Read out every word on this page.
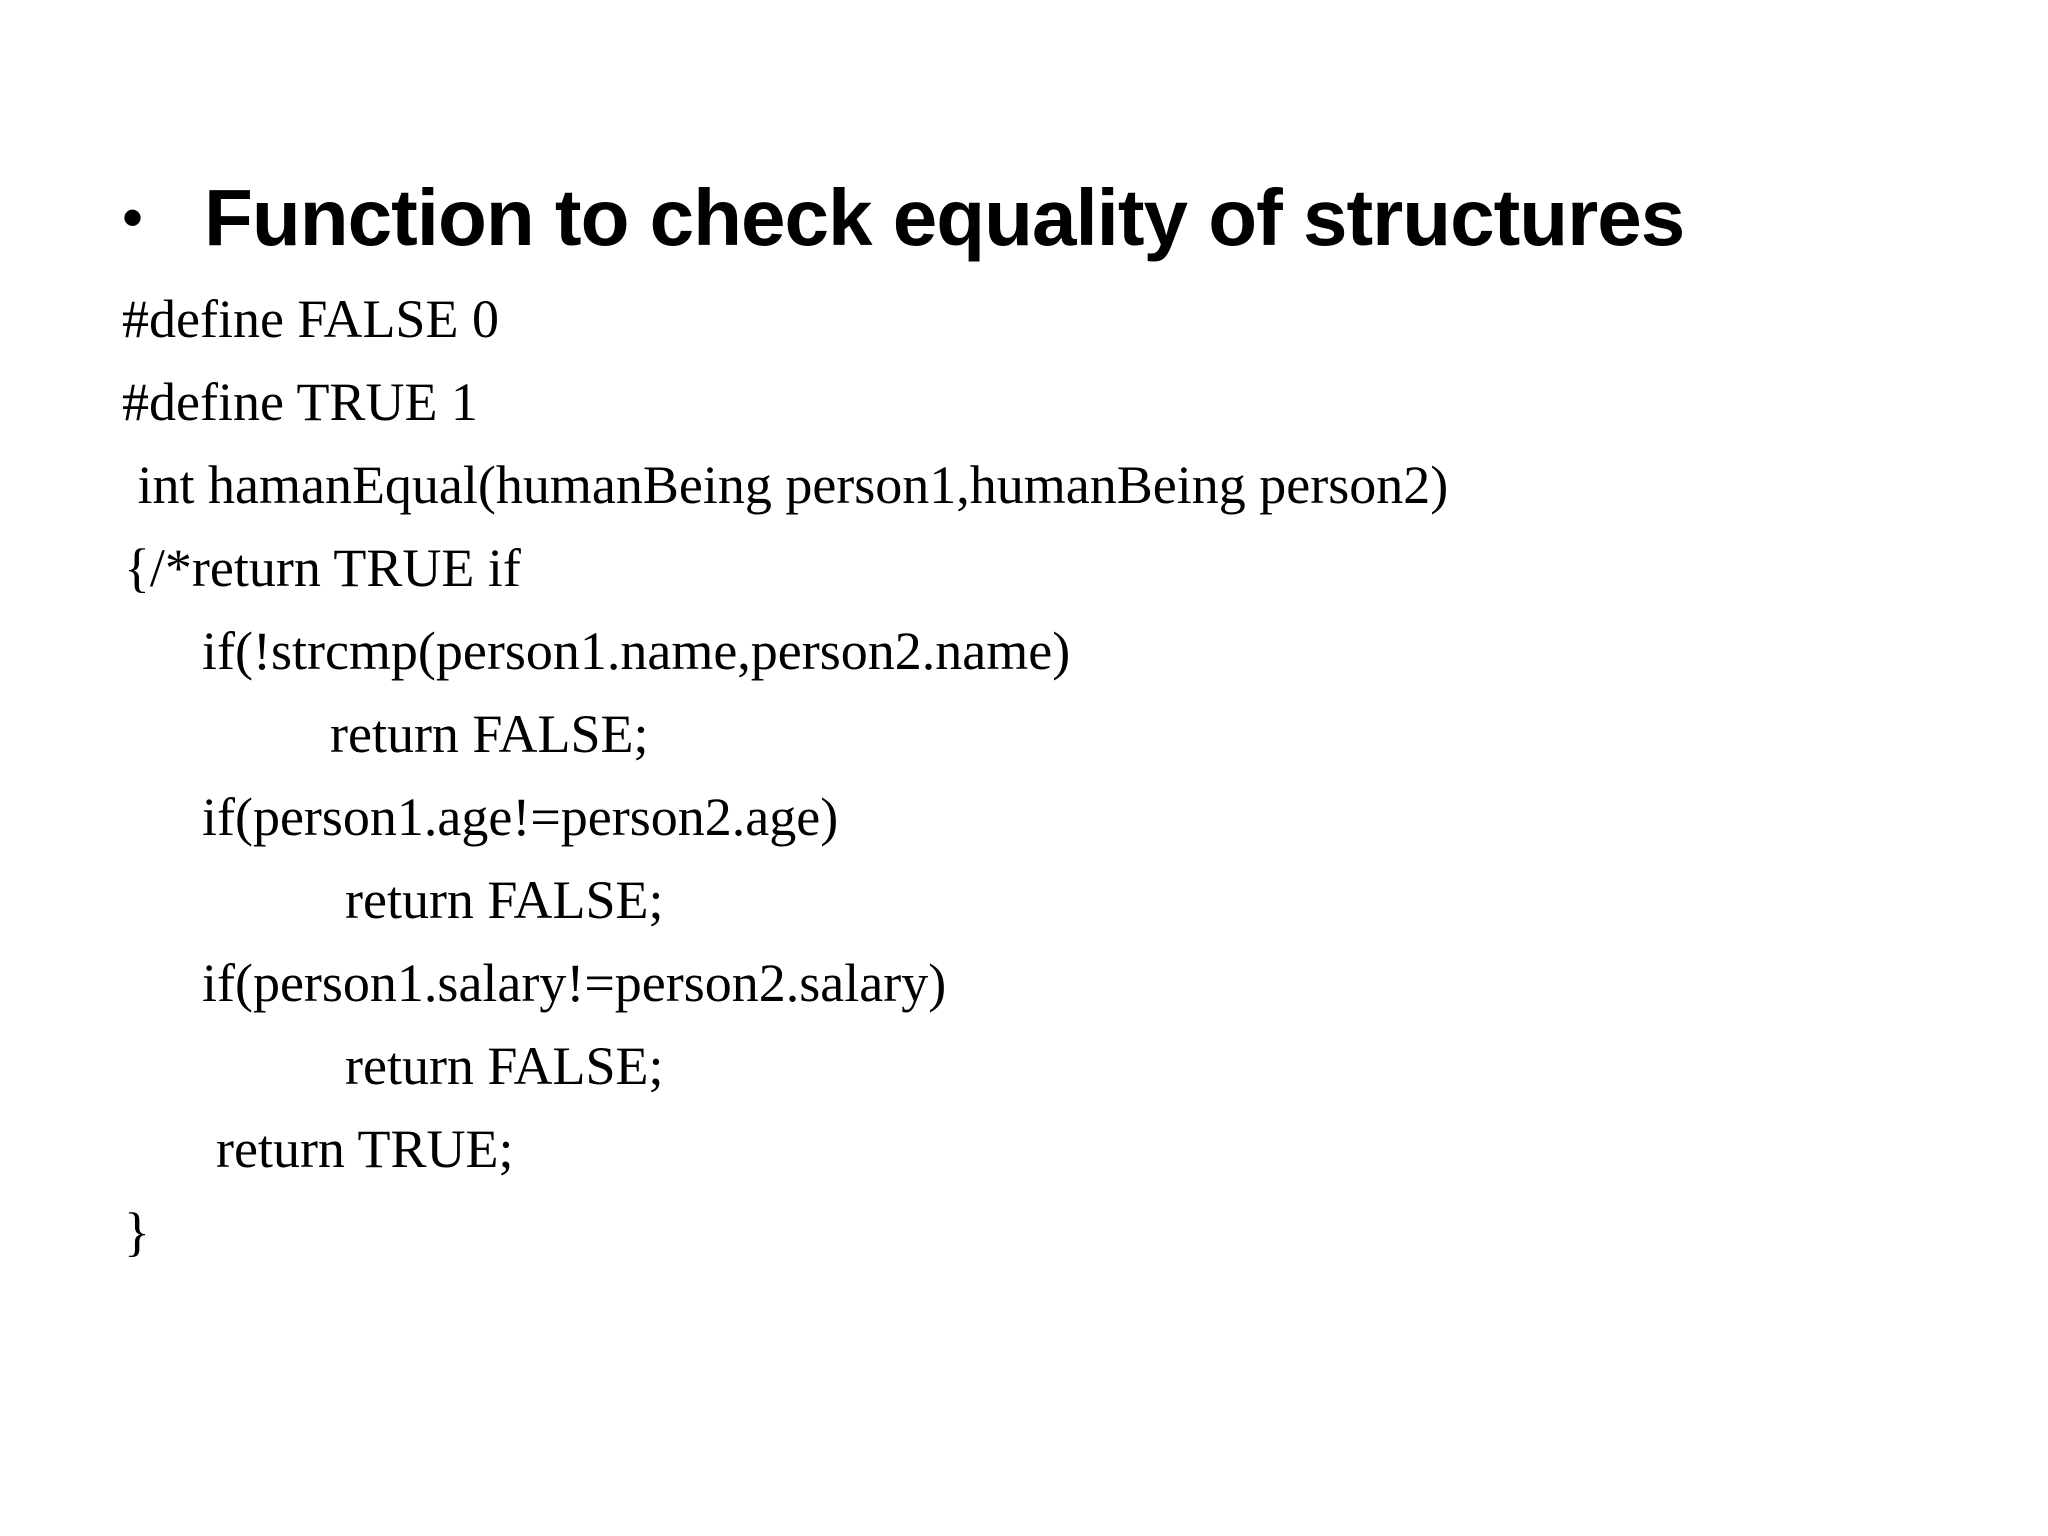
• Function to check equality of structures
#define FALSE 0
#define TRUE 1
int hamanEqual(humanBeing person1,humanBeing person2)
{/*return TRUE if
if(!strcmp(person1.name,person2.name)
return FALSE;
if(person1.age!=person2.age)
return FALSE;
if(person1.salary!=person2.salary)
return FALSE;
return TRUE;
}
